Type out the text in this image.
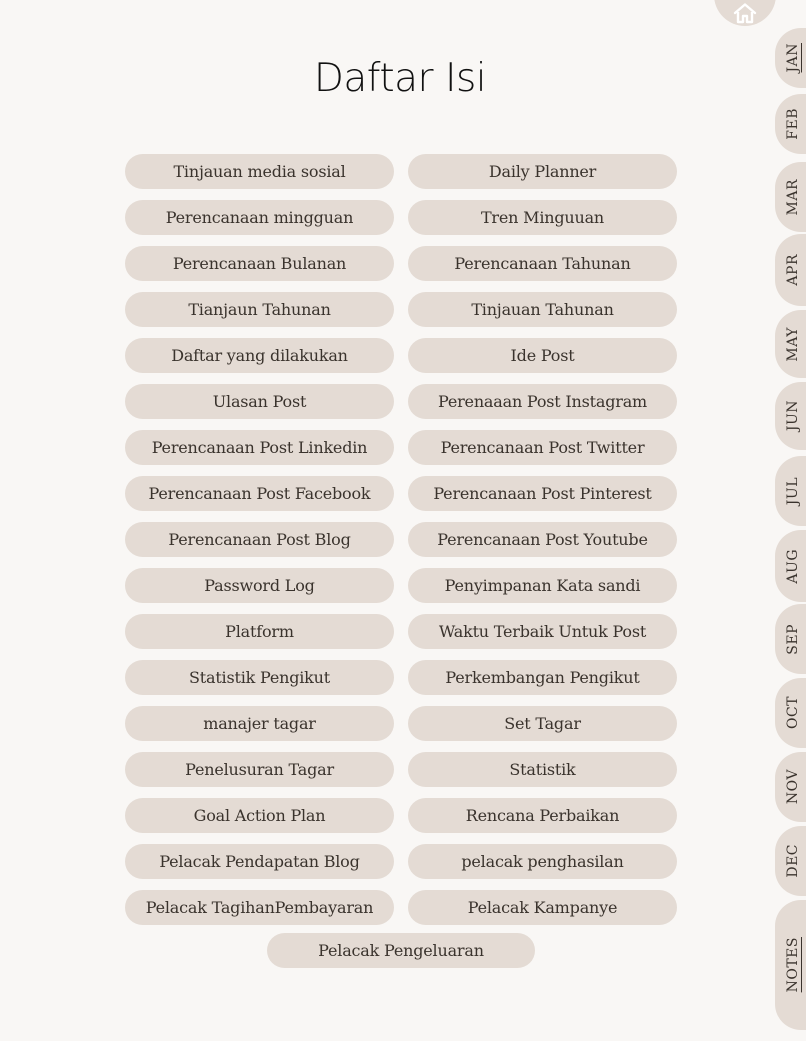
Daftar Isi
Tinjauan media sosial	Daily Planner
Perencanaan mingguan	Tren Minguuan
Perencanaan Bulanan	Perencanaan Tahunan
Tianjaun Tahunan	Tinjauan Tahunan
Daftar yang dilakukan	Ide Post
Ulasan Post	Perenaaan Post Instagram
Perencanaan Post Linkedin	Perencanaan Post Twitter
Perencanaan Post Facebook	Perencanaan Post Pinterest
Perencanaan Post Blog	Perencanaan Post Youtube
Password Log	Penyimpanan Kata sandi
Platform	Waktu Terbaik Untuk Post
Statistik Pengikut	Perkembangan Pengikut
manajer tagar	Set Tagar
Penelusuran Tagar	Statistik
Goal Action Plan	Rencana Perbaikan
Pelacak Pendapatan Blog	pelacak penghasilan
Pelacak TagihanPembayaran	Pelacak Kampanye
Pelacak Pengeluaran
JAN
FEB
MAR
APR
MAY
JUN
JUL
AUG
SEP
OCT
NOV
DEC
NOTES
